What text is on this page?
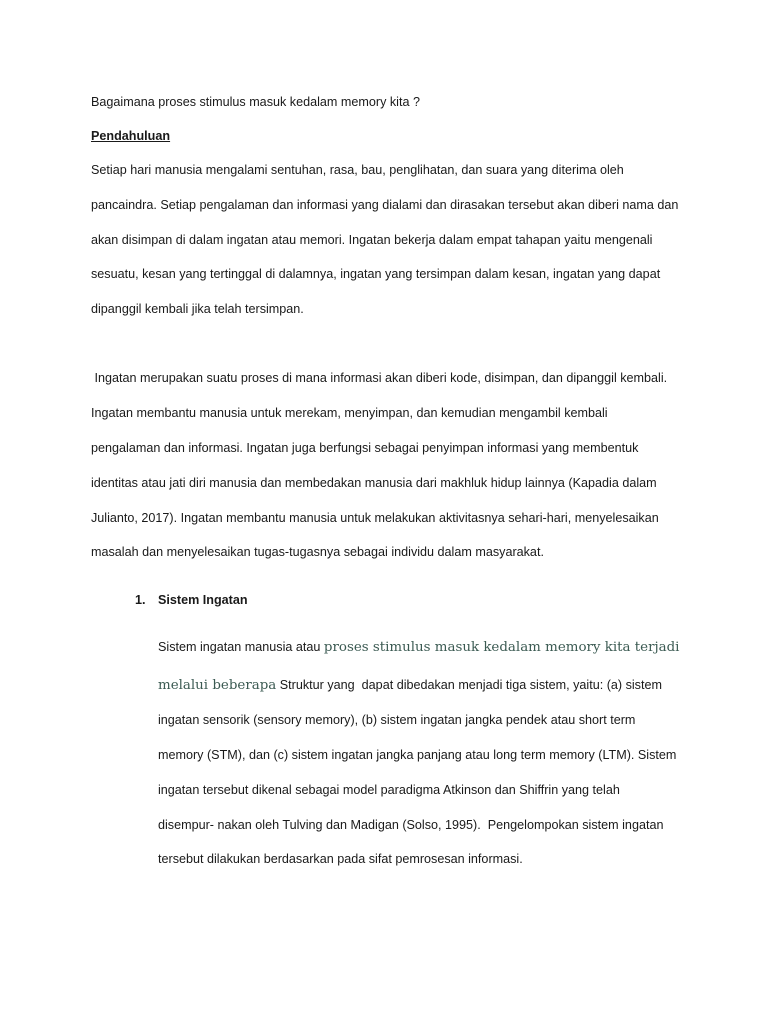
Bagaimana proses stimulus masuk kedalam memory kita ?
Pendahuluan
Setiap hari manusia mengalami sentuhan, rasa, bau, penglihatan, dan suara yang diterima oleh
pancaindra. Setiap pengalaman dan informasi yang dialami dan dirasakan tersebut akan diberi nama dan
akan disimpan di dalam ingatan atau memori. Ingatan bekerja dalam empat tahapan yaitu mengenali
sesuatu, kesan yang tertinggal di dalamnya, ingatan yang tersimpan dalam kesan, ingatan yang dapat
dipanggil kembali jika telah tersimpan.
Ingatan merupakan suatu proses di mana informasi akan diberi kode, disimpan, dan dipanggil kembali.
Ingatan membantu manusia untuk merekam, menyimpan, dan kemudian mengambil kembali
pengalaman dan informasi. Ingatan juga berfungsi sebagai penyimpan informasi yang membentuk
identitas atau jati diri manusia dan membedakan manusia dari makhluk hidup lainnya (Kapadia dalam
Julianto, 2017). Ingatan membantu manusia untuk melakukan aktivitasnya sehari-hari, menyelesaikan
masalah dan menyelesaikan tugas-tugasnya sebagai individu dalam masyarakat.
1. Sistem Ingatan
Sistem ingatan manusia atau proses stimulus masuk kedalam memory kita terjadi
melalui beberapa Struktur yang  dapat dibedakan menjadi tiga sistem, yaitu: (a) sistem
ingatan sensorik (sensory memory), (b) sistem ingatan jangka pendek atau short term
memory (STM), dan (c) sistem ingatan jangka panjang atau long term memory (LTM). Sistem
ingatan tersebut dikenal sebagai model paradigma Atkinson dan Shiffrin yang telah
disempur- nakan oleh Tulving dan Madigan (Solso, 1995).  Pengelompokan sistem ingatan
tersebut dilakukan berdasarkan pada sifat pemrosesan informasi.
